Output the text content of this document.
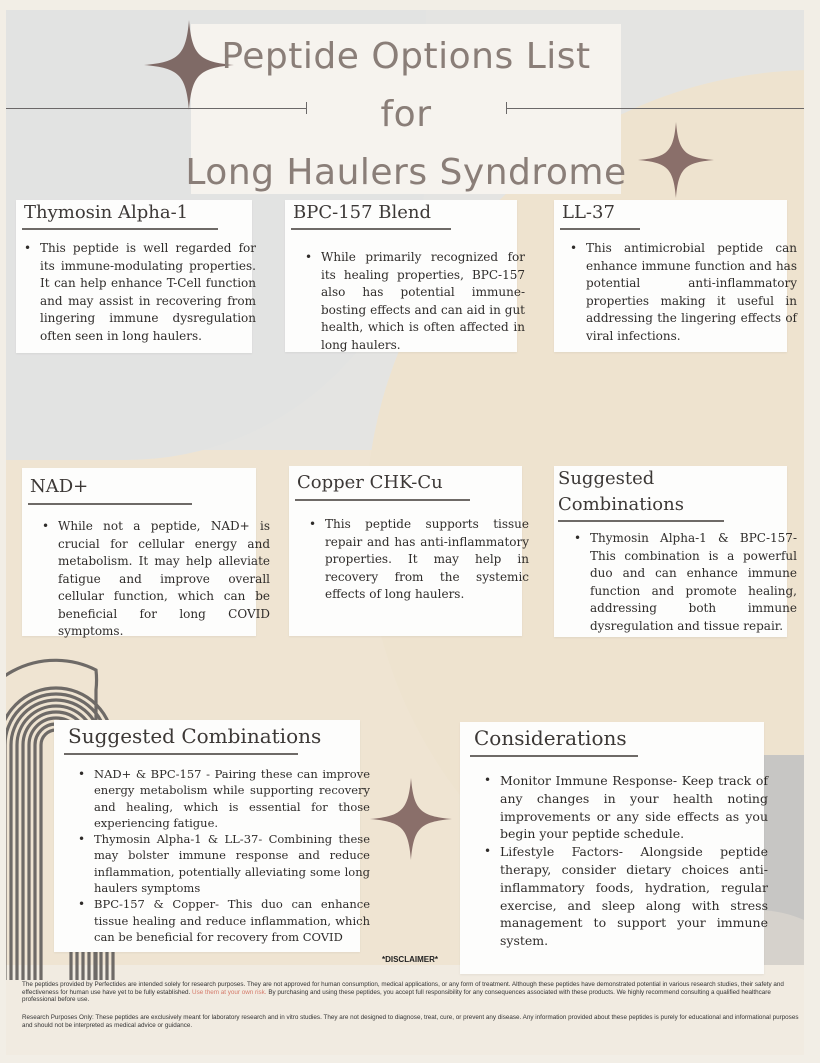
Peptide Options List
for
Long Haulers Syndrome
Thymosin Alpha-1
• This peptide is well regarded for its immune-modulating properties. It can help enhance T-Cell function and may assist in recovering from lingering immune dysregulation often seen in long haulers.
BPC-157 Blend
• While primarily recognized for its healing properties, BPC-157 also has potential immune-bosting effects and can aid in gut health, which is often affected in long haulers.
LL-37
• This antimicrobial peptide can enhance immune function and has potential anti-inflammatory properties making it useful in addressing the lingering effects of viral infections.
NAD+
• While not a peptide, NAD+ is crucial for cellular energy and metabolism. It may help alleviate fatigue and improve overall cellular function, which can be beneficial for long COVID symptoms.
Copper CHK-Cu
• This peptide supports tissue repair and has anti-inflammatory properties. It may help in recovery from the systemic effects of long haulers.
Suggested
Combinations
• Thymosin Alpha-1 & BPC-157- This combination is a powerful duo and can enhance immune function and promote healing, addressing both immune dysregulation and tissue repair.
Suggested Combinations
• NAD+ & BPC-157 - Pairing these can improve energy metabolism while supporting recovery and healing, which is essential for those experiencing fatigue.
• Thymosin Alpha-1 & LL-37- Combining these may bolster immune response and reduce inflammation, potentially alleviating some long haulers symptoms
• BPC-157 & Copper- This duo can enhance tissue healing and reduce inflammation, which can be beneficial for recovery from COVID
Considerations
• Monitor Immune Response- Keep track of any changes in your health noting improvements or any side effects as you begin your peptide schedule.
• Lifestyle Factors- Alongside peptide therapy, consider dietary choices anti-inflammatory foods, hydration, regular exercise, and sleep along with stress management to support your immune system.
*DISCLAIMER*
The peptides provided by Perfectides are intended solely for research purposes. They are not approved for human consumption, medical applications, or any form of treatment. Although these peptides have demonstrated potential in various research studies, their safety and effectiveness for human use have yet to be fully established. Use them at your own risk. By purchasing and using these peptides, you accept full responsibility for any consequences associated with these products. We highly recommend consulting a qualified healthcare professional before use.
Research Purposes Only: These peptides are exclusively meant for laboratory research and in vitro studies. They are not designed to diagnose, treat, cure, or prevent any disease. Any information provided about these peptides is purely for educational and informational purposes and should not be interpreted as medical advice or guidance.
